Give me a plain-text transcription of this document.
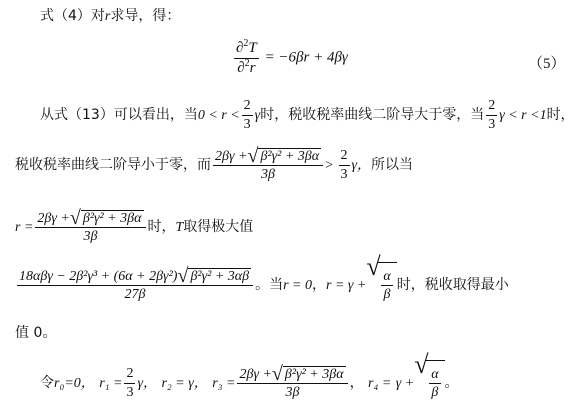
式（4）对r求导，得：
$\frac{\partial^2T}{\partial^2r} = -6\beta r + 4\beta\gamma$	（5）
从式（13）可以看出，当$0 < r < \frac{2}{3}$ γ时，税收税率曲线二阶导大于零，当 $\frac{2}{3}$ γ < r <1时，
税收税率曲线二阶导小于零，而 $\frac{\text{2βγ + √ β²γ² + 3βα}}{3\beta} > \frac{2}{3}$ γ，所以当
$r = \frac{\text{2βγ + √ β²γ² + 3βα}}{3\beta}$ 时，T取得极大值
$\frac{\text{18αβγ − 2β²γ³ + (6α + 2βγ²) √ β²γ² + 3αβ}}{27\beta}$ 。当r = 0，r = γ +
√
$\frac{\alpha}{\beta}$ 时，税收取得最小
值 0。
令r₀=0， $r_1 = \frac{2}{3}$ γ， r₂ = γ， $r_3 = \frac{\text{2βγ + √ β²γ² + 3βα}}{3\beta}$ ， r₄ = γ +
√
$\frac{\alpha}{\beta}$ 。
